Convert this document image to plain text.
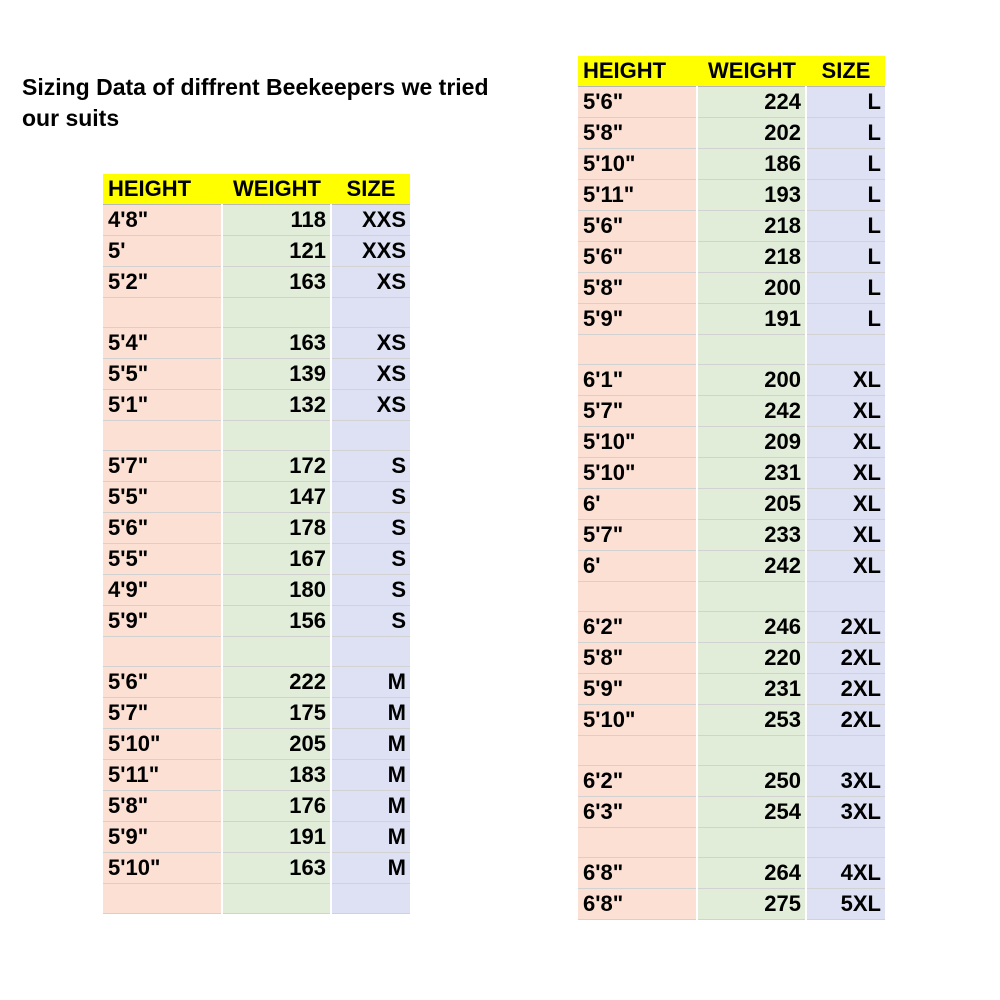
Sizing Data of diffrent Beekeepers we tried our suits
HEIGHT	WEIGHT	SIZE
4'8"	118	XXS
5'	121	XXS
5'2"	163	XS

5'4"	163	XS
5'5"	139	XS
5'1"	132	XS

5'7"	172	S
5'5"	147	S
5'6"	178	S
5'5"	167	S
4'9"	180	S
5'9"	156	S

5'6"	222	M
5'7"	175	M
5'10"	205	M
5'11"	183	M
5'8"	176	M
5'9"	191	M
5'10"	163	M

HEIGHT	WEIGHT	SIZE
5'6"	224	L
5'8"	202	L
5'10"	186	L
5'11"	193	L
5'6"	218	L
5'6"	218	L
5'8"	200	L
5'9"	191	L

6'1"	200	XL
5'7"	242	XL
5'10"	209	XL
5'10"	231	XL
6'	205	XL
5'7"	233	XL
6'	242	XL

6'2"	246	2XL
5'8"	220	2XL
5'9"	231	2XL
5'10"	253	2XL

6'2"	250	3XL
6'3"	254	3XL

6'8"	264	4XL
6'8"	275	5XL
